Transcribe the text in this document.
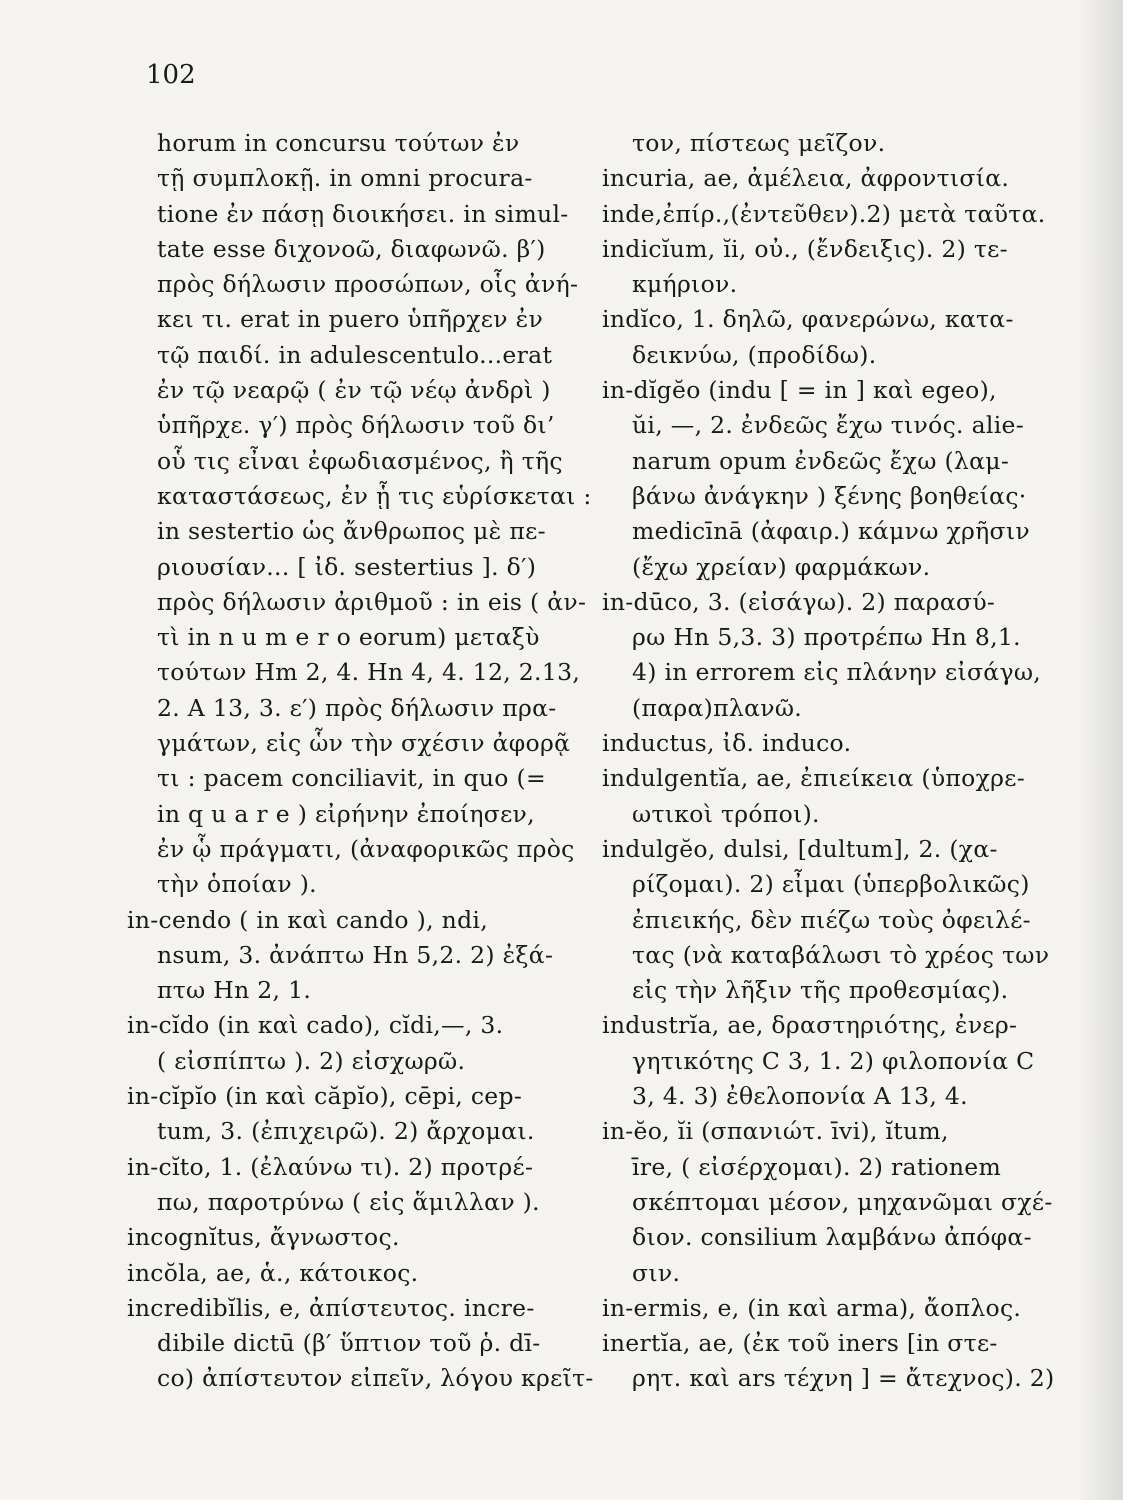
102
horum in concursu τούτων ἐν
τῇ συμπλοκῇ. in omni procura-
tione ἐν πάσῃ διοικήσει. in simul-
tate esse διχονοῶ, διαφωνῶ. β′)
πρὸς δήλωσιν προσώπων, οἷς ἀνή-
κει τι. erat in puero ὑπῆρχεν ἐν
τῷ παιδί. in adulescentulo...erat
ἐν τῷ νεαρῷ ( ἐν τῷ νέῳ ἀνδρὶ )
ὑπῆρχε. γ′) πρὸς δήλωσιν τοῦ δι’
οὗ τις εἶναι ἐφωδιασμένος, ἢ τῆς
καταστάσεως, ἐν ᾗ τις εὑρίσκεται :
in sestertio ὡς ἄνθρωπος μὲ πε-
ριουσίαν... [ ἰδ. sestertius ]. δ′)
πρὸς δήλωσιν ἀριθμοῦ : in eis ( ἀν-
τὶ in n u m e r o eorum) μεταξὺ
τούτων Hm 2, 4. Hn 4, 4. 12, 2.13,
2. A 13, 3. ε′) πρὸς δήλωσιν πρα-
γμάτων, εἰς ὧν τὴν σχέσιν ἀφορᾷ
τι : pacem conciliavit, in quo (=
in q u a r e ) εἰρήνην ἐποίησεν,
ἐν ᾧ πράγματι, (ἀναφορικῶς πρὸς
τὴν ὁποίαν ).
in-cendo ( in καὶ cando ), ndi,
nsum, 3. ἀνάπτω Hn 5,2. 2) ἐξά-
πτω Hn 2, 1.
in-cĭdo (in καὶ cado), cĭdi,—, 3.
( εἰσπίπτω ). 2) εἰσχωρῶ.
in-cĭpĭo (in καὶ căpĭo), cēpi, cep-
tum, 3. (ἐπιχειρῶ). 2) ἄρχομαι.
in-cĭto, 1. (ἐλαύνω τι). 2) προτρέ-
πω, παροτρύνω ( εἰς ἅμιλλαν ).
incognĭtus, ἄγνωστος.
incŏla, ae, ἁ., κάτοικος.
incredibĭlis, e, ἀπίστευτος. incre-
dibile dictū (β′ ὕπτιον τοῦ ῥ. dī-
co) ἀπίστευτον εἰπεῖν, λόγου κρεῖτ-
τον, πίστεως μεῖζον.
incuria, ae, ἀμέλεια, ἀφροντισία.
inde,ἐπίρ.,(ἐντεῦθεν).2) μετὰ ταῦτα.
indicĭum, ĭi, οὐ., (ἔνδειξις). 2) τε-
κμήριον.
indĭco, 1. δηλῶ, φανερώνω, κατα-
δεικνύω, (προδίδω).
in-dĭgĕo (indu [ = in ] καὶ egeo),
ŭi, —, 2. ἐνδεῶς ἔχω τινός. alie-
narum opum ἐνδεῶς ἔχω (λαμ-
βάνω ἀνάγκην ) ξένης βοηθείας·
medicīnā (ἀφαιρ.) κάμνω χρῆσιν
(ἔχω χρείαν) φαρμάκων.
in-dūco, 3. (εἰσάγω). 2) παρασύ-
ρω Hn 5,3. 3) προτρέπω Hn 8,1.
4) in errorem εἰς πλάνην εἰσάγω,
(παρα)πλανῶ.
inductus, ἰδ. induco.
indulgentĭa, ae, ἐπιείκεια (ὑποχρε-
ωτικοὶ τρόποι).
indulgĕo, dulsi, [dultum], 2. (χα-
ρίζομαι). 2) εἶμαι (ὑπερβολικῶς)
ἐπιεικής, δὲν πιέζω τοὺς ὀφειλέ-
τας (νὰ καταβάλωσι τὸ χρέος των
εἰς τὴν λῆξιν τῆς προθεσμίας).
industrĭa, ae, δραστηριότης, ἐνερ-
γητικότης C 3, 1. 2) φιλοπονία C
3, 4. 3) ἐθελοπονία A 13, 4.
in-ĕo, ĭi (σπανιώτ. īvi), ĭtum,
īre, ( εἰσέρχομαι). 2) rationem
σκέπτομαι μέσον, μηχανῶμαι σχέ-
διον. consilium λαμβάνω ἀπόφα-
σιν.
in-ermis, e, (in καὶ arma), ἄοπλος.
inertĭa, ae, (ἐκ τοῦ iners [in στε-
ρητ. καὶ ars τέχνη ] = ἄτεχνος). 2)
